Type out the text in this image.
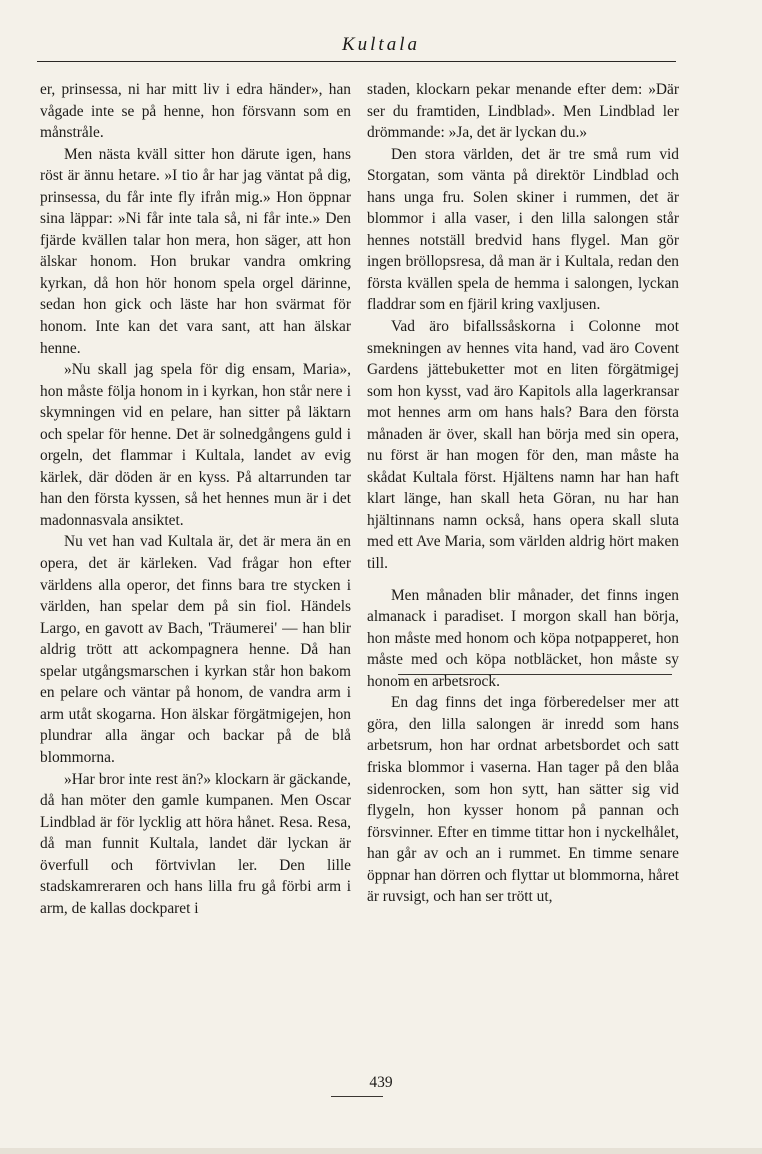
Kultala

er, prinsessa, ni har mitt liv i edra händer», han vågade inte se på henne, hon försvann som en månstråle.

Men nästa kväll sitter hon därute igen, hans röst är ännu hetare. »I tio år har jag väntat på dig, prinsessa, du får inte fly ifrån mig.» Hon öppnar sina läppar: »Ni får inte tala så, ni får inte.» Den fjärde kvällen talar hon mera, hon säger, att hon älskar honom. Hon brukar vandra omkring kyrkan, då hon hör honom spela orgel därinne, sedan hon gick och läste har hon svärmat för honom. Inte kan det vara sant, att han älskar henne.

»Nu skall jag spela för dig ensam, Maria», hon måste följa honom in i kyrkan, hon står nere i skymningen vid en pelare, han sitter på läktarn och spelar för henne. Det är solnedgångens guld i orgeln, det flammar i Kultala, landet av evig kärlek, där döden är en kyss. På altarrunden tar han den första kyssen, så het hennes mun är i det madonnasvala ansiktet.

Nu vet han vad Kultala är, det är mera än en opera, det är kärleken. Vad frågar hon efter världens alla operor, det finns bara tre stycken i världen, han spelar dem på sin fiol. Händels Largo, en gavott av Bach, 'Träumerei' — han blir aldrig trött att ackompagnera henne. Då han spelar utgångsmarschen i kyrkan står hon bakom en pelare och väntar på honom, de vandra arm i arm utåt skogarna. Hon älskar förgätmigejen, hon plundrar alla ängar och backar på de blå blommorna.

»Har bror inte rest än?» klockarn är gäckande, då han möter den gamle kumpanen. Men Oscar Lindblad är för lycklig att höra hånet. Resa. Resa, då man funnit Kultala, landet där lyckan är överfull och förtvivlan ler. Den lille stadskamreraren och hans lilla fru gå förbi arm i arm, de kallas dockparet i

staden, klockarn pekar menande efter dem: »Där ser du framtiden, Lindblad». Men Lindblad ler drömmande: »Ja, det är lyckan du.»

Den stora världen, det är tre små rum vid Storgatan, som vänta på direktör Lindblad och hans unga fru. Solen skiner i rummen, det är blommor i alla vaser, i den lilla salongen står hennes notställ bredvid hans flygel. Man gör ingen bröllopsresa, då man är i Kultala, redan den första kvällen spela de hemma i salongen, lyckan fladdrar som en fjäril kring vaxljusen.

Vad äro bifallssåskorna i Colonne mot smekningen av hennes vita hand, vad äro Covent Gardens jättebuketter mot en liten förgätmigej som hon kysst, vad äro Kapitols alla lagerkransar mot hennes arm om hans hals? Bara den första månaden är över, skall han börja med sin opera, nu först är han mogen för den, man måste ha skådat Kultala först. Hjältens namn har han haft klart länge, han skall heta Göran, nu har han hjältinnans namn också, hans opera skall sluta med ett Ave Maria, som världen aldrig hört maken till.

Men månaden blir månader, det finns ingen almanack i paradiset. I morgon skall han börja, hon måste med honom och köpa notpapperet, hon måste med och köpa notbläcket, hon måste sy honom en arbetsrock.

En dag finns det inga förberedelser mer att göra, den lilla salongen är inredd som hans arbetsrum, hon har ordnat arbetsbordet och satt friska blommor i vaserna. Han tager på den blåa sidenrocken, som hon sytt, han sätter sig vid flygeln, hon kysser honom på pannan och försvinner. Efter en timme tittar hon i nyckelhålet, han går av och an i rummet. En timme senare öppnar han dörren och flyttar ut blommorna, håret är ruvsigt, och han ser trött ut,

439
